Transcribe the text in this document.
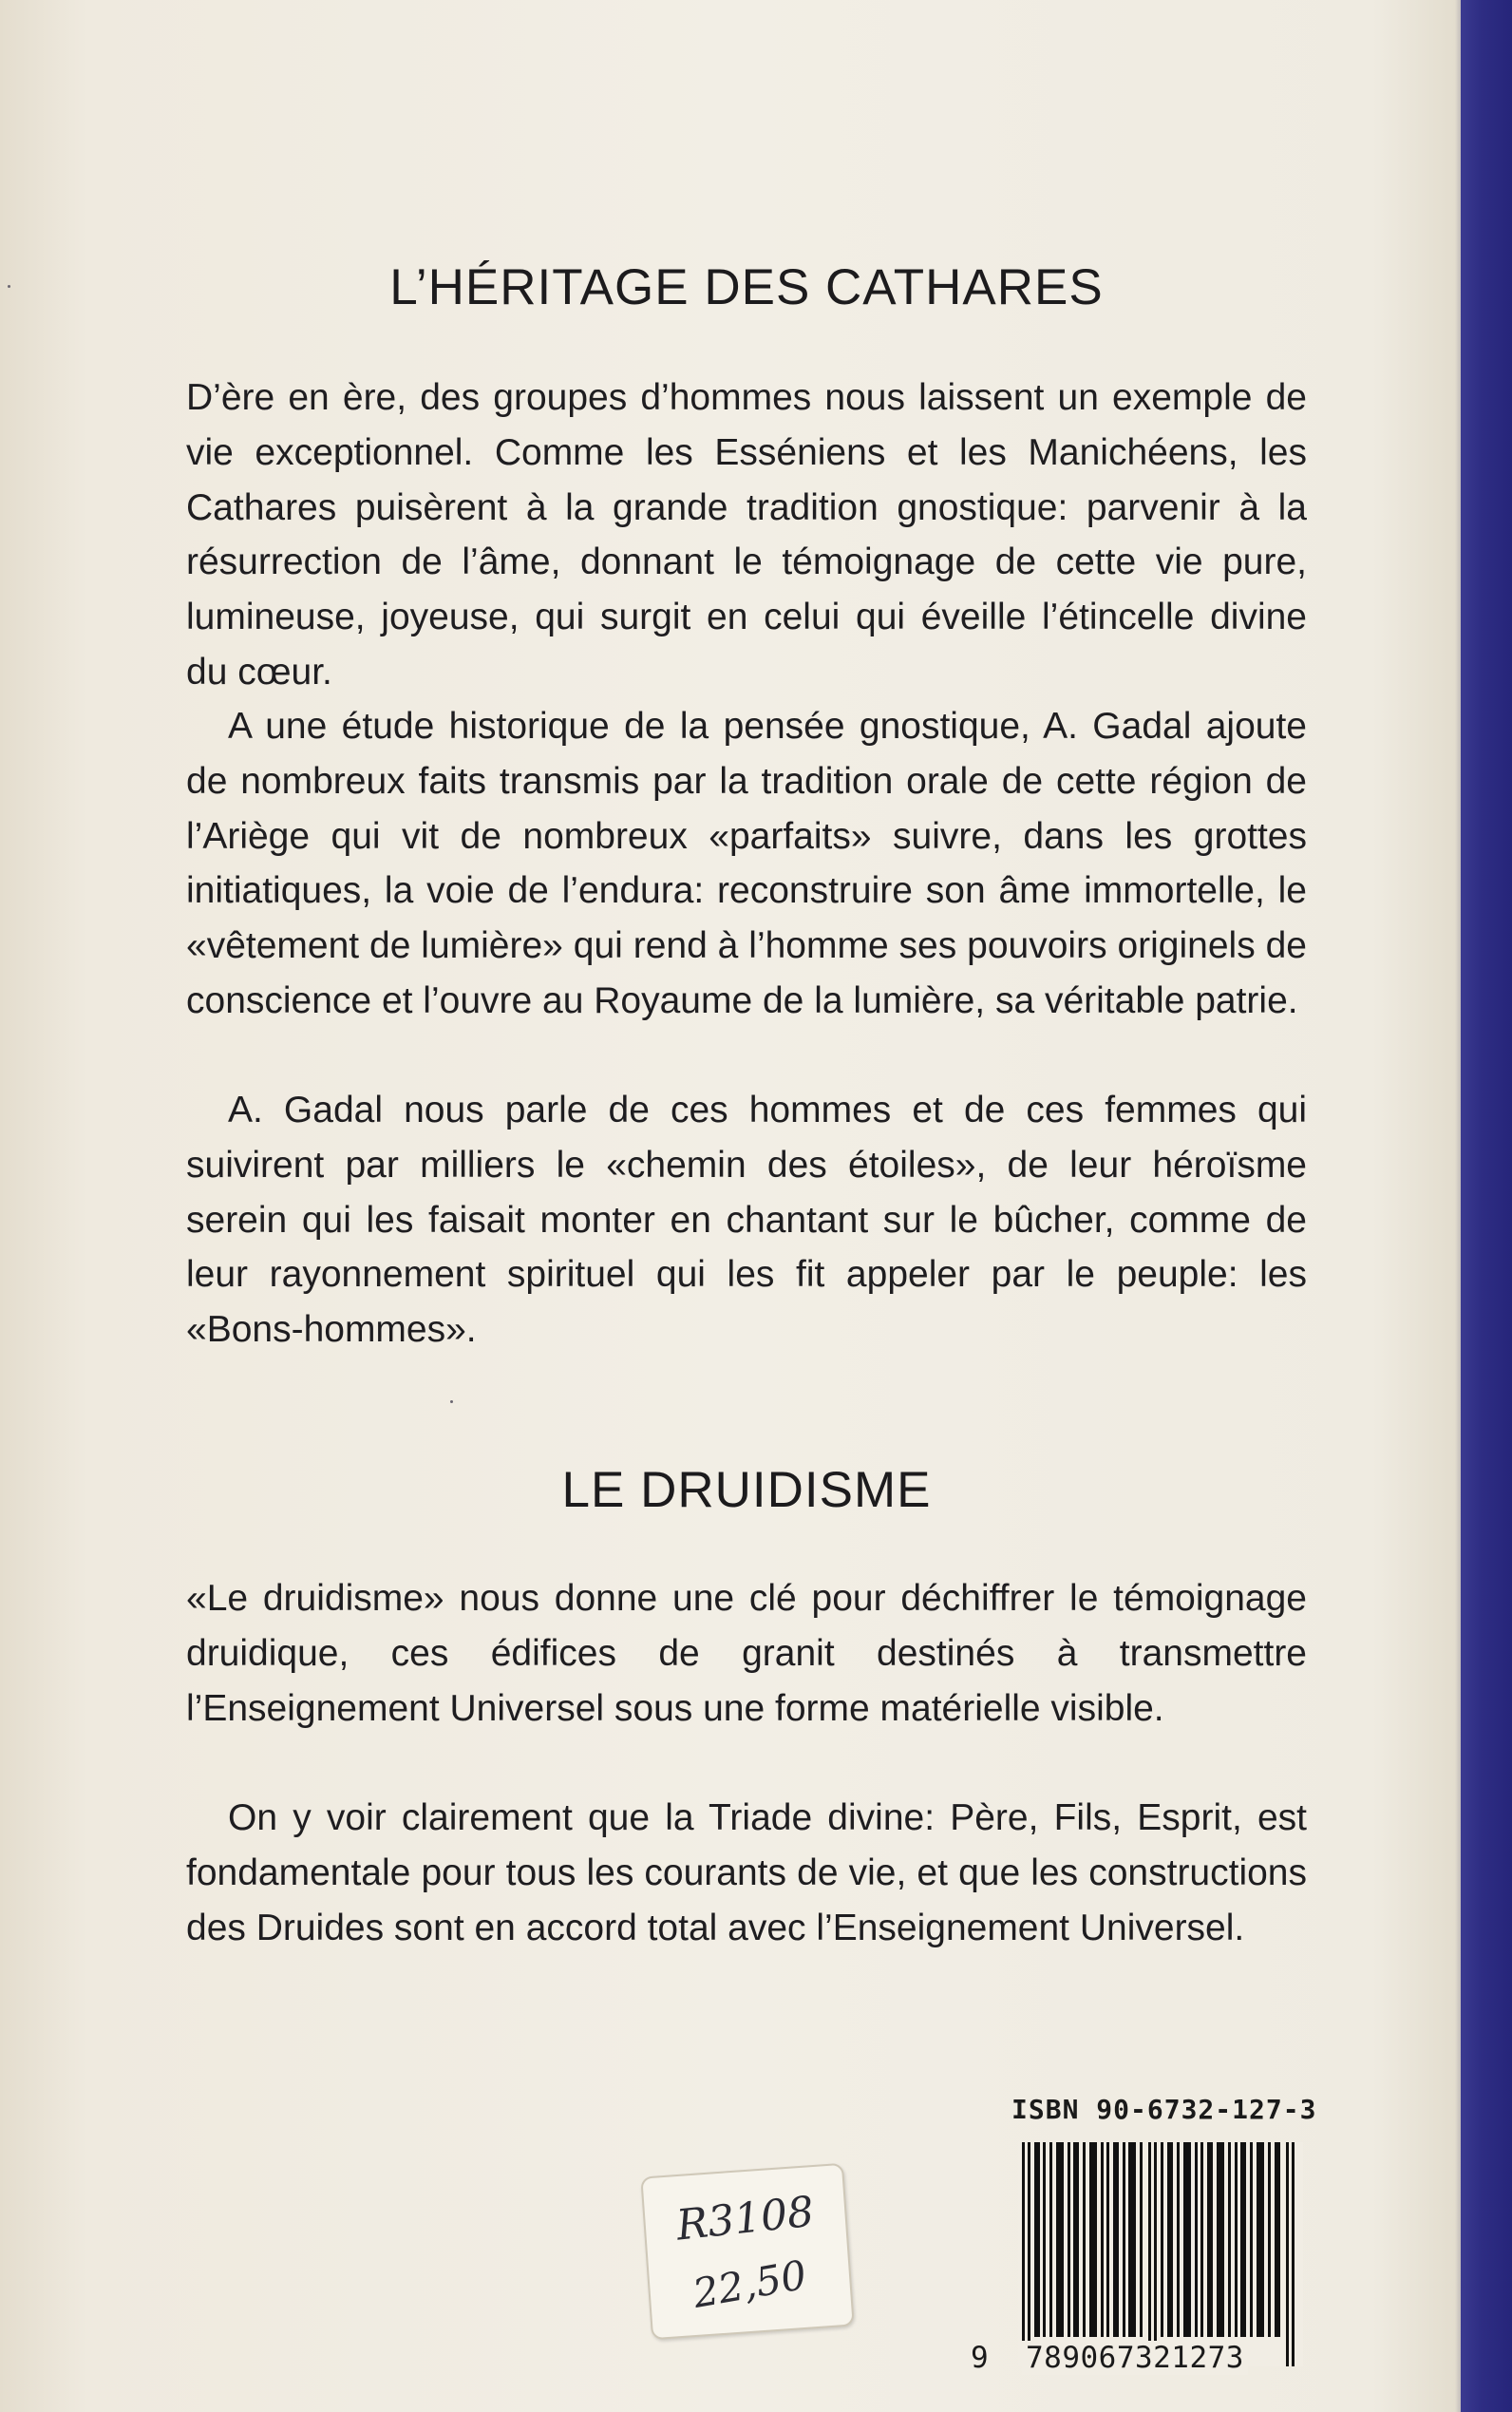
L’HÉRITAGE DES CATHARES

D’ère en ère, des groupes d’hommes nous laissent un exemple de vie exceptionnel. Comme les Esséniens et les Manichéens, les Cathares puisèrent à la grande tradition gnostique: parvenir à la résurrection de l’âme, donnant le témoignage de cette vie pure, lumineuse, joyeuse, qui surgit en celui qui éveille l’étincelle divine du cœur.

A une étude historique de la pensée gnostique, A. Gadal ajoute de nombreux faits transmis par la tradition orale de cette région de l’Ariège qui vit de nombreux «parfaits» suivre, dans les grottes initiatiques, la voie de l’endura: reconstruire son âme immortelle, le «vêtement de lumière» qui rend à l’homme ses pouvoirs originels de conscience et l’ouvre au Royaume de la lumière, sa véritable patrie.

A. Gadal nous parle de ces hommes et de ces femmes qui suivirent par milliers le «chemin des étoiles», de leur héroïsme serein qui les faisait monter en chantant sur le bûcher, comme de leur rayonnement spirituel qui les fit appeler par le peuple: les «Bons-hommes».

LE DRUIDISME

«Le druidisme» nous donne une clé pour déchiffrer le témoignage druidique, ces édifices de granit destinés à transmettre l’Enseignement Universel sous une forme matérielle visible.

On y voir clairement que la Triade divine: Père, Fils, Esprit, est fondamentale pour tous les courants de vie, et que les constructions des Druides sont en accord total avec l’Enseignement Universel.

ISBN 90-6732-127-3
9 789067321273
R3108
22,50
